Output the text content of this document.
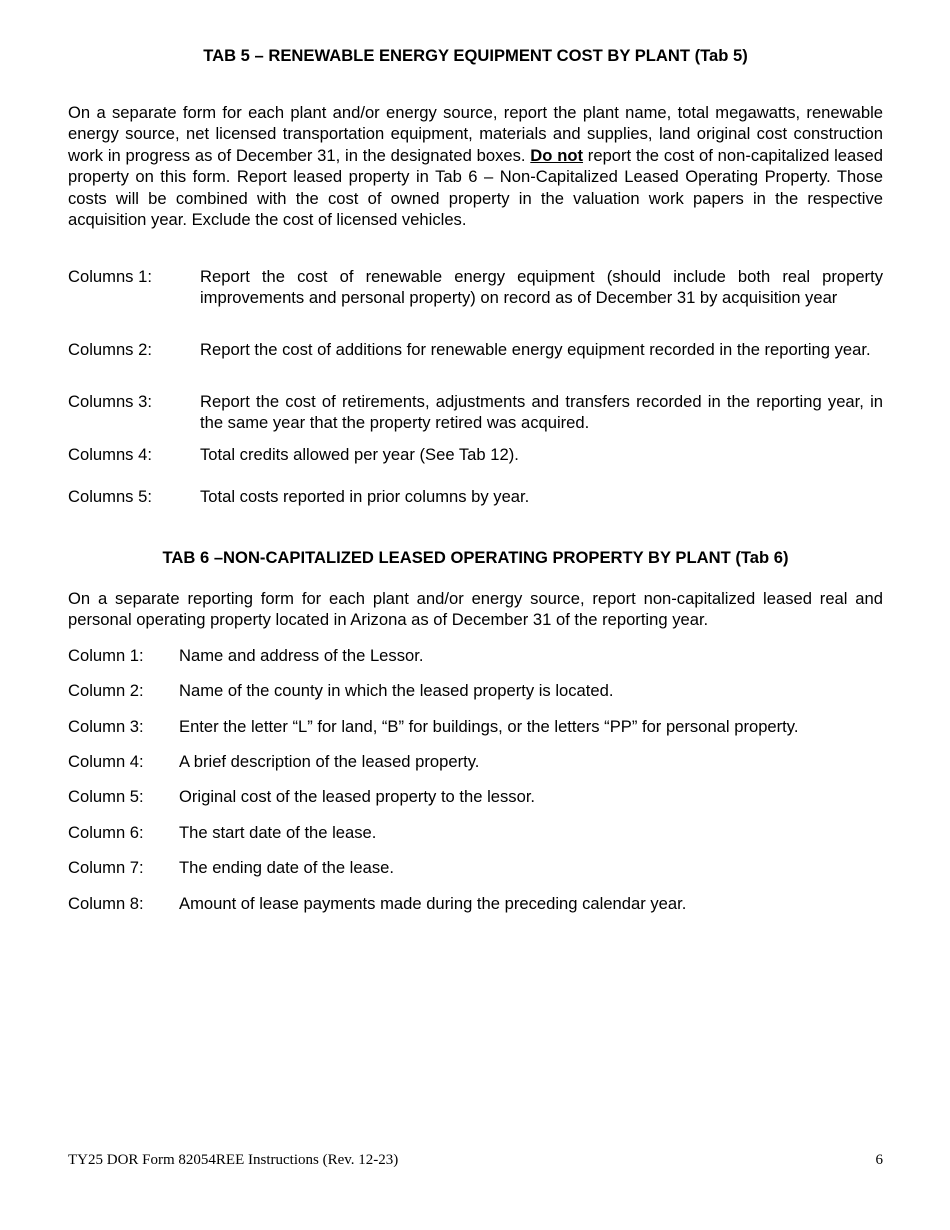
TAB 5 – RENEWABLE ENERGY EQUIPMENT COST BY PLANT (Tab 5)

On a separate form for each plant and/or energy source, report the plant name, total megawatts, renewable energy source, net licensed transportation equipment, materials and supplies, land original cost construction work in progress as of December 31, in the designated boxes. Do not report the cost of non-capitalized leased property on this form. Report leased property in Tab 6 – Non-Capitalized Leased Operating Property. Those costs will be combined with the cost of owned property in the valuation work papers in the respective acquisition year. Exclude the cost of licensed vehicles.

Columns 1:	Report the cost of renewable energy equipment (should include both real property improvements and personal property) on record as of December 31 by acquisition year
Columns 2:	Report the cost of additions for renewable energy equipment recorded in the reporting year.
Columns 3:	Report the cost of retirements, adjustments and transfers recorded in the reporting year, in the same year that the property retired was acquired.
Columns 4:	Total credits allowed per year (See Tab 12).
Columns 5:	Total costs reported in prior columns by year.
TAB 6 –NON-CAPITALIZED LEASED OPERATING PROPERTY BY PLANT (Tab 6)

On a separate reporting form for each plant and/or energy source, report non-capitalized leased real and personal operating property located in Arizona as of December 31 of the reporting year.

Column 1:	Name and address of the Lessor.
Column 2:	Name of the county in which the leased property is located.
Column 3:	Enter the letter “L” for land, “B” for buildings, or the letters “PP” for personal property.
Column 4:	A brief description of the leased property.
Column 5:	Original cost of the leased property to the lessor.
Column 6:	The start date of the lease.
Column 7:	The ending date of the lease.
Column 8:	Amount of lease payments made during the preceding calendar year.
TY25 DOR Form 82054REE Instructions (Rev. 12-23)	6
